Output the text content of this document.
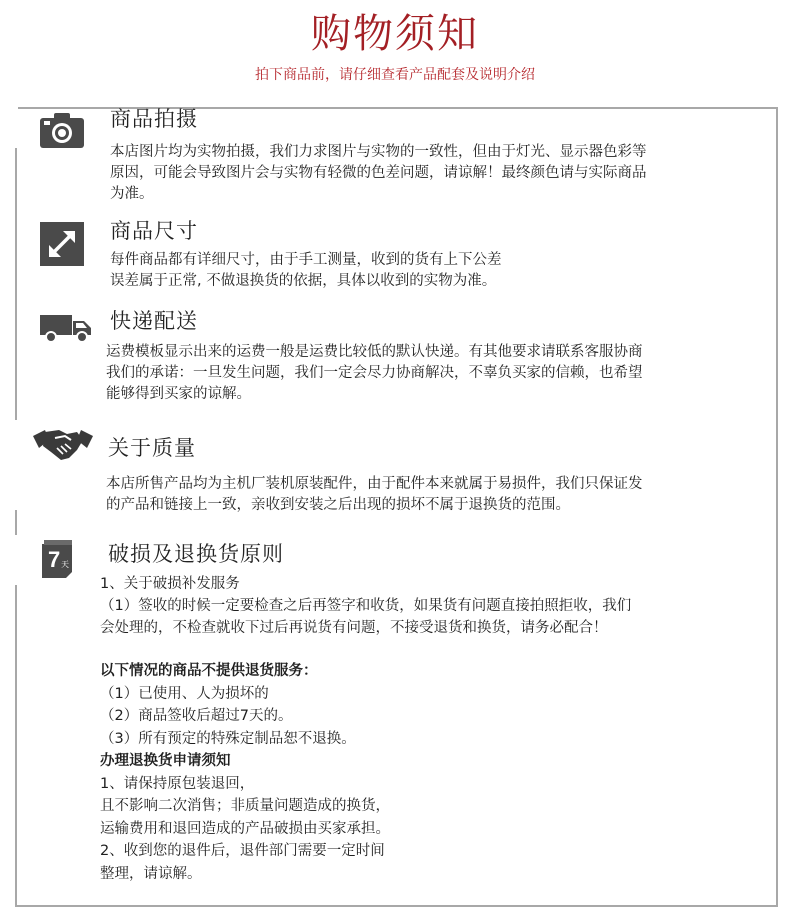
购物须知
拍下商品前，请仔细查看产品配套及说明介绍
商品拍摄
本店图片均为实物拍摄，我们力求图片与实物的一致性，但由于灯光、显示器色彩等
原因，可能会导致图片会与实物有轻微的色差问题，请谅解！最终颜色请与实际商品
为准。
商品尺寸
每件商品都有详细尺寸，由于手工测量，收到的货有上下公差
误差属于正常, 不做退换货的依据，具体以收到的实物为准。
快递配送
运费模板显示出来的运费一般是运费比较低的默认快递。有其他要求请联系客服协商
我们的承诺：一旦发生问题，我们一定会尽力协商解决，不辜负买家的信赖，也希望
能够得到买家的谅解。
关于质量
本店所售产品均为主机厂装机原装配件，由于配件本来就属于易损件，我们只保证发
的产品和链接上一致，亲收到安装之后出现的损坏不属于退换货的范围。
7 天 破损及退换货原则
1、关于破损补发服务
（1）签收的时候一定要检查之后再签字和收货，如果货有问题直接拍照拒收，我们
会处理的，不检查就收下过后再说货有问题，不接受退货和换货，请务必配合！
以下情况的商品不提供退货服务：
（1）已使用、人为损坏的
（2）商品签收后超过7天的。
（3）所有预定的特殊定制品恕不退换。
办理退换货申请须知
1、请保持原包装退回，
且不影响二次消售；非质量问题造成的换货，
运输费用和退回造成的产品破损由买家承担。
2、收到您的退件后，退件部门需要一定时间
整理，请谅解。
